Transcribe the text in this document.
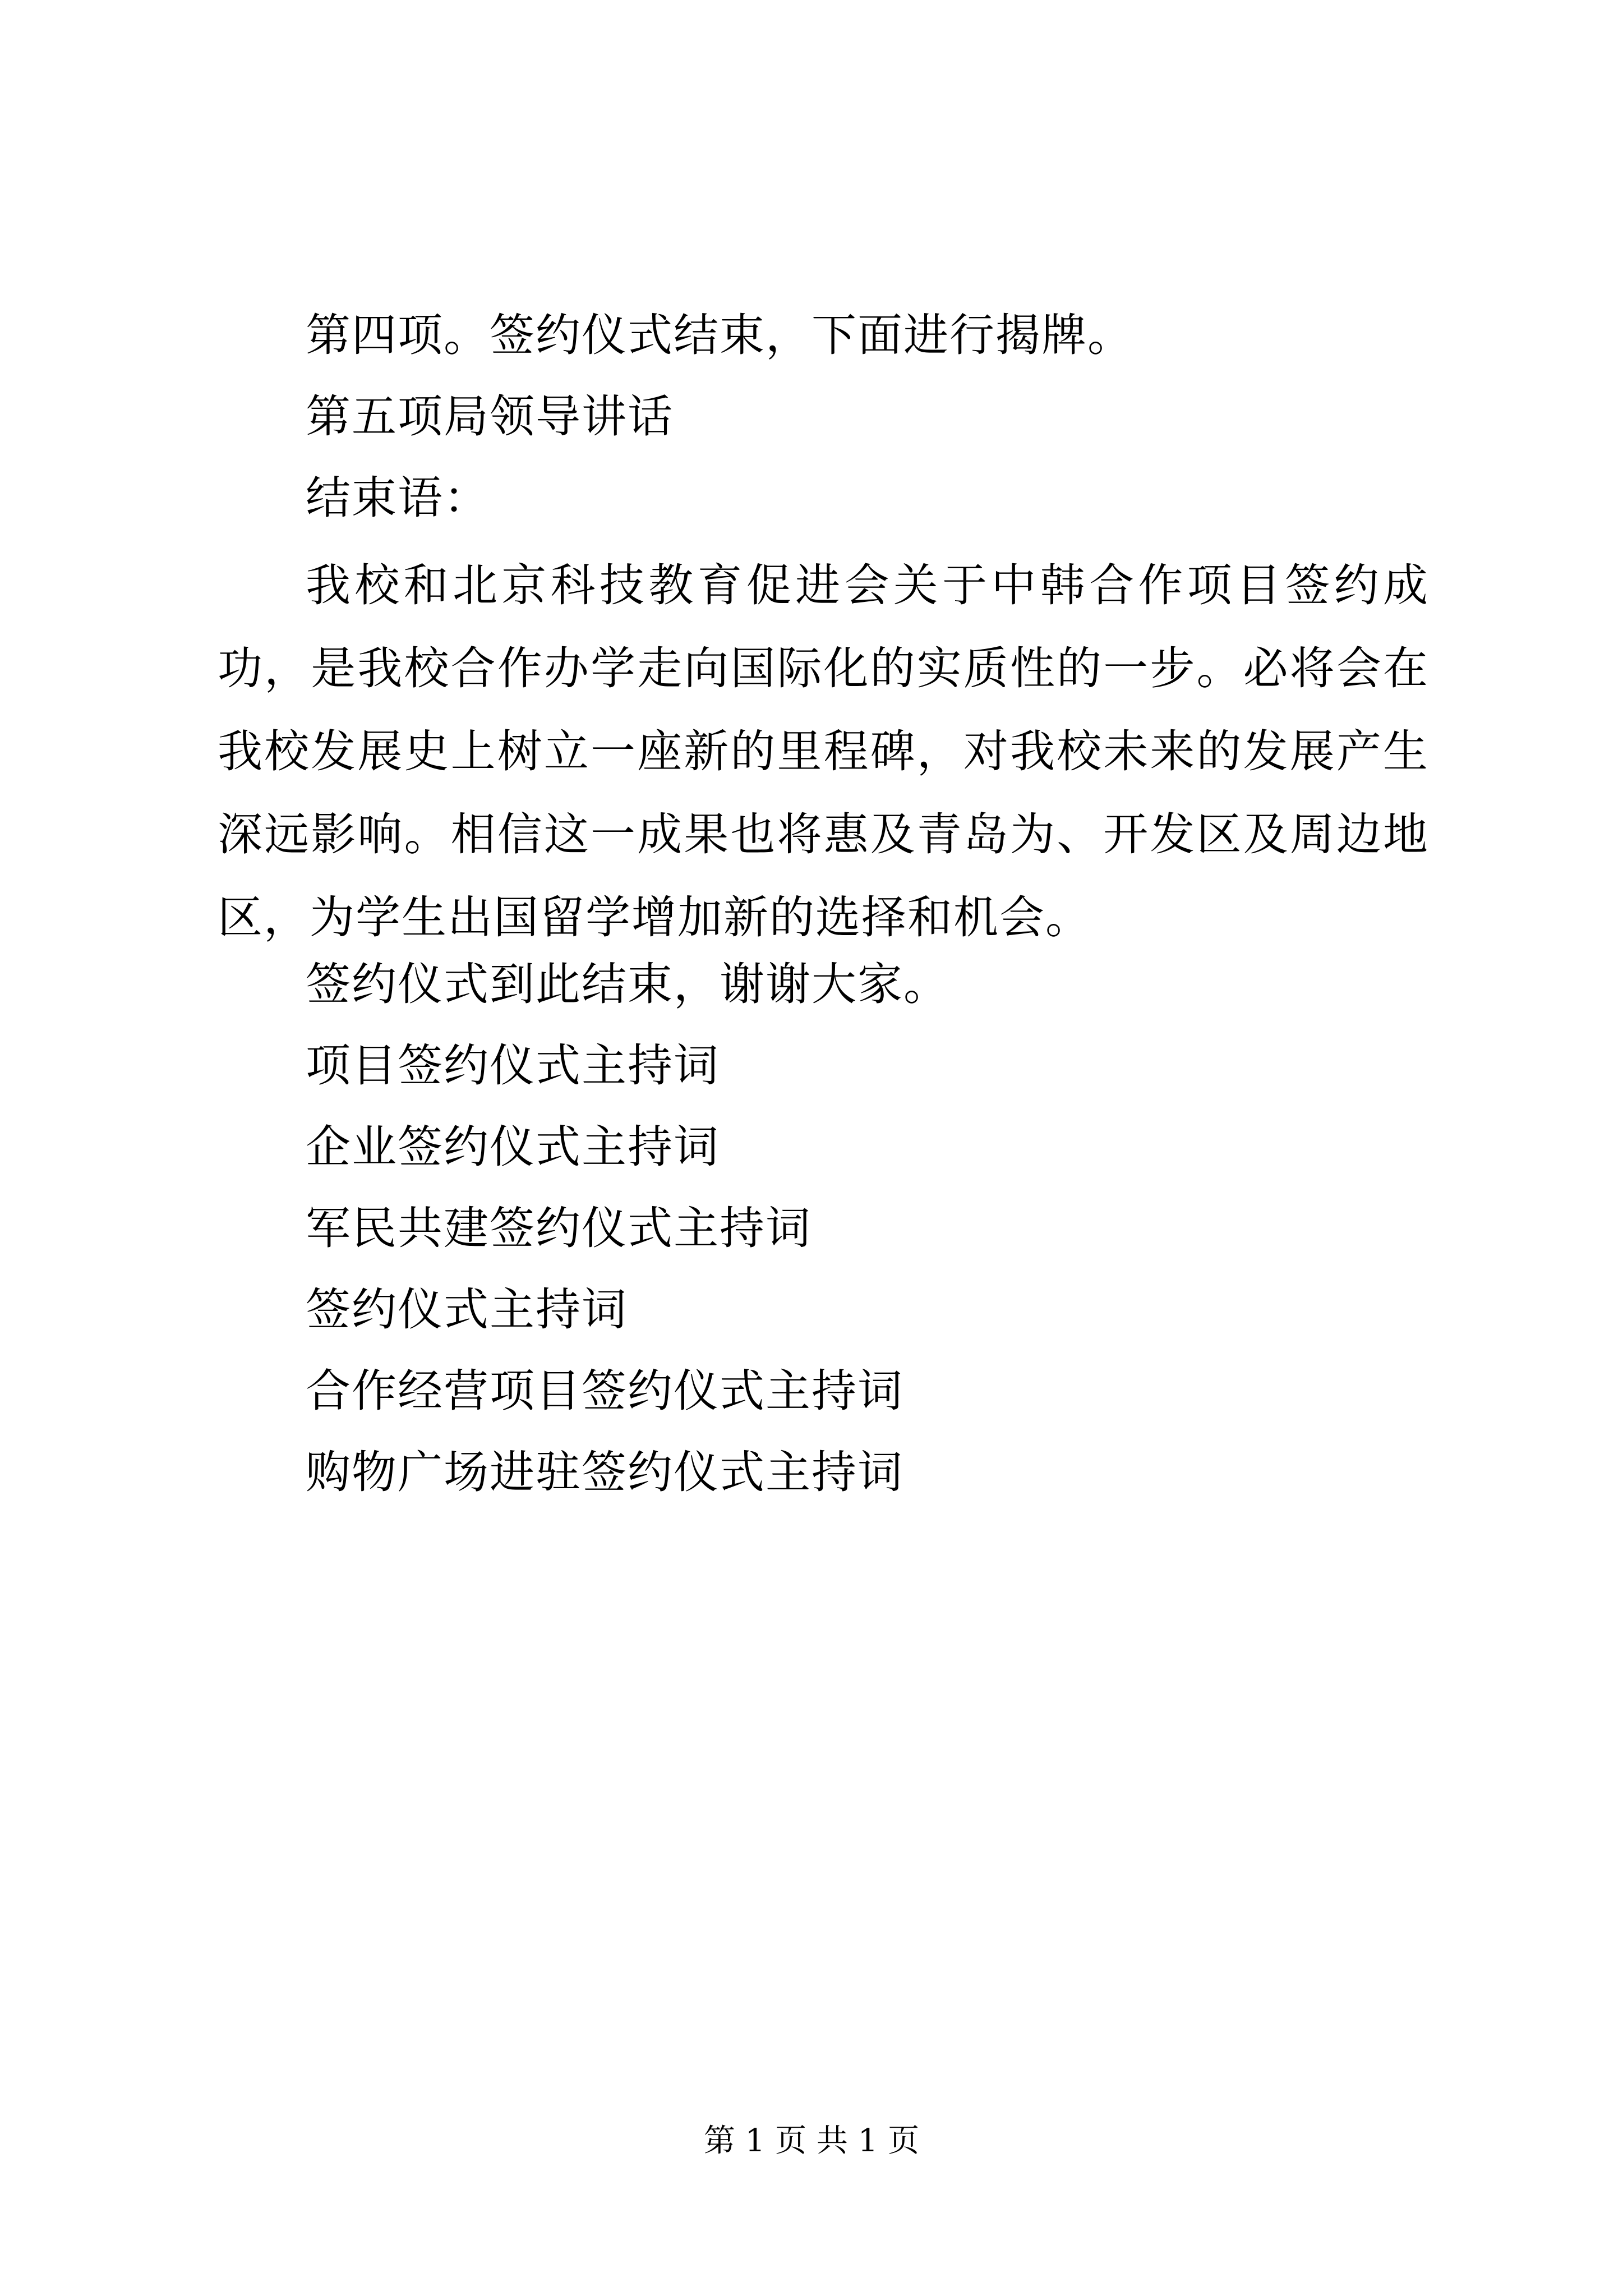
第四项。签约仪式结束，下面进行揭牌。
第五项局领导讲话
结束语：
我校和北京科技教育促进会关于中韩合作项目签约成功，是我校合作办学走向国际化的实质性的一步。必将会在我校发展史上树立一座新的里程碑，对我校未来的发展产生深远影响。相信这一成果也将惠及青岛为、开发区及周边地区，为学生出国留学增加新的选择和机会。
签约仪式到此结束，谢谢大家。
项目签约仪式主持词
企业签约仪式主持词
军民共建签约仪式主持词
签约仪式主持词
合作经营项目签约仪式主持词
购物广场进驻签约仪式主持词
第 1 页 共 1 页
